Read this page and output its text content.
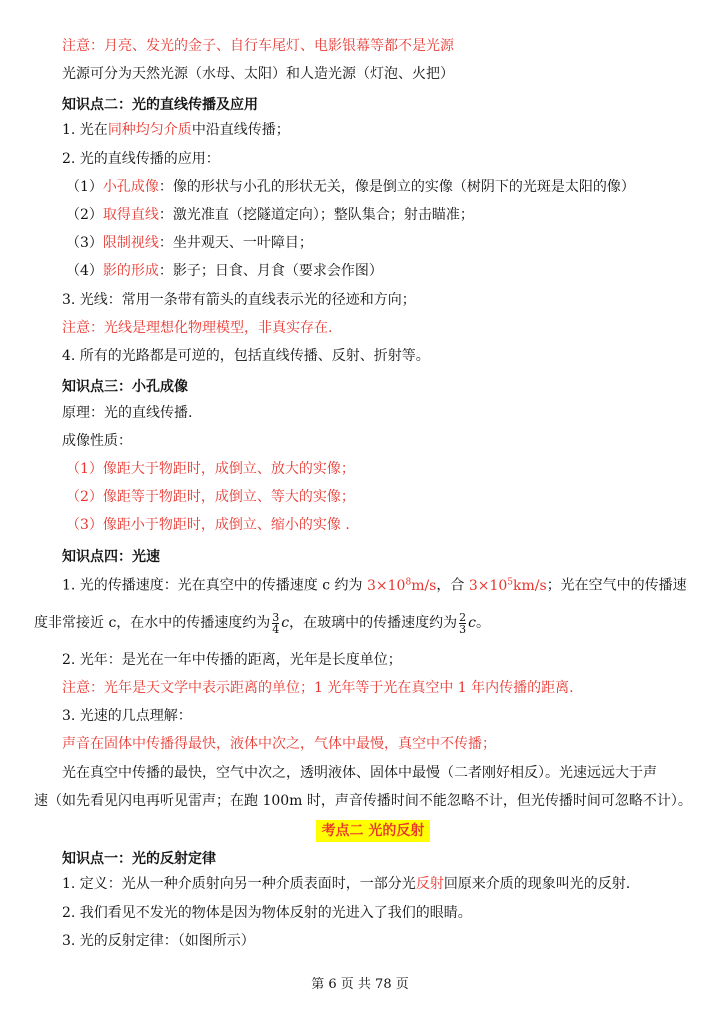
注意：月亮、发光的金子、自行车尾灯、电影银幕等都不是光源
光源可分为天然光源（水母、太阳）和人造光源（灯泡、火把）
知识点二：光的直线传播及应用
1. 光在同种均匀介质中沿直线传播；
2. 光的直线传播的应用：
（1）小孔成像：像的形状与小孔的形状无关，像是倒立的实像（树阴下的光斑是太阳的像）
（2）取得直线：激光准直（挖隧道定向）；整队集合；射击瞄准；
（3）限制视线：坐井观天、一叶障目；
（4）影的形成：影子；日食、月食（要求会作图）
3. 光线：常用一条带有箭头的直线表示光的径迹和方向；
注意：光线是理想化物理模型，非真实存在.
4. 所有的光路都是可逆的，包括直线传播、反射、折射等。
知识点三：小孔成像
原理：光的直线传播.
成像性质：
（1）像距大于物距时，成倒立、放大的实像；
（2）像距等于物距时，成倒立、等大的实像；
（3）像距小于物距时，成倒立、缩小的实像 .
知识点四：光速
1. 光的传播速度：光在真空中的传播速度 c 约为 $3\times 10^8m/s$，合 $3\times 10^5km/s$；光在空气中的传播速
度非常接近 c，在水中的传播速度约为 $\frac{3}{4}$ c，在玻璃中的传播速度约为 $\frac{2}{3}$ c。
2. 光年：是光在一年中传播的距离，光年是长度单位；
注意：光年是天文学中表示距离的单位；1 光年等于光在真空中 1 年内传播的距离.
3. 光速的几点理解：
声音在固体中传播得最快，液体中次之，气体中最慢，真空中不传播；
光在真空中传播的最快，空气中次之，透明液体、固体中最慢（二者刚好相反）。光速远远大于声
速（如先看见闪电再听见雷声；在跑 100m 时，声音传播时间不能忽略不计，但光传播时间可忽略不计）。
考点二 光的反射
知识点一：光的反射定律
1. 定义：光从一种介质射向另一种介质表面时，一部分光反射回原来介质的现象叫光的反射.
2. 我们看见不发光的物体是因为物体反射的光进入了我们的眼睛。
3. 光的反射定律：（如图所示）
第 6 页 共 78 页
